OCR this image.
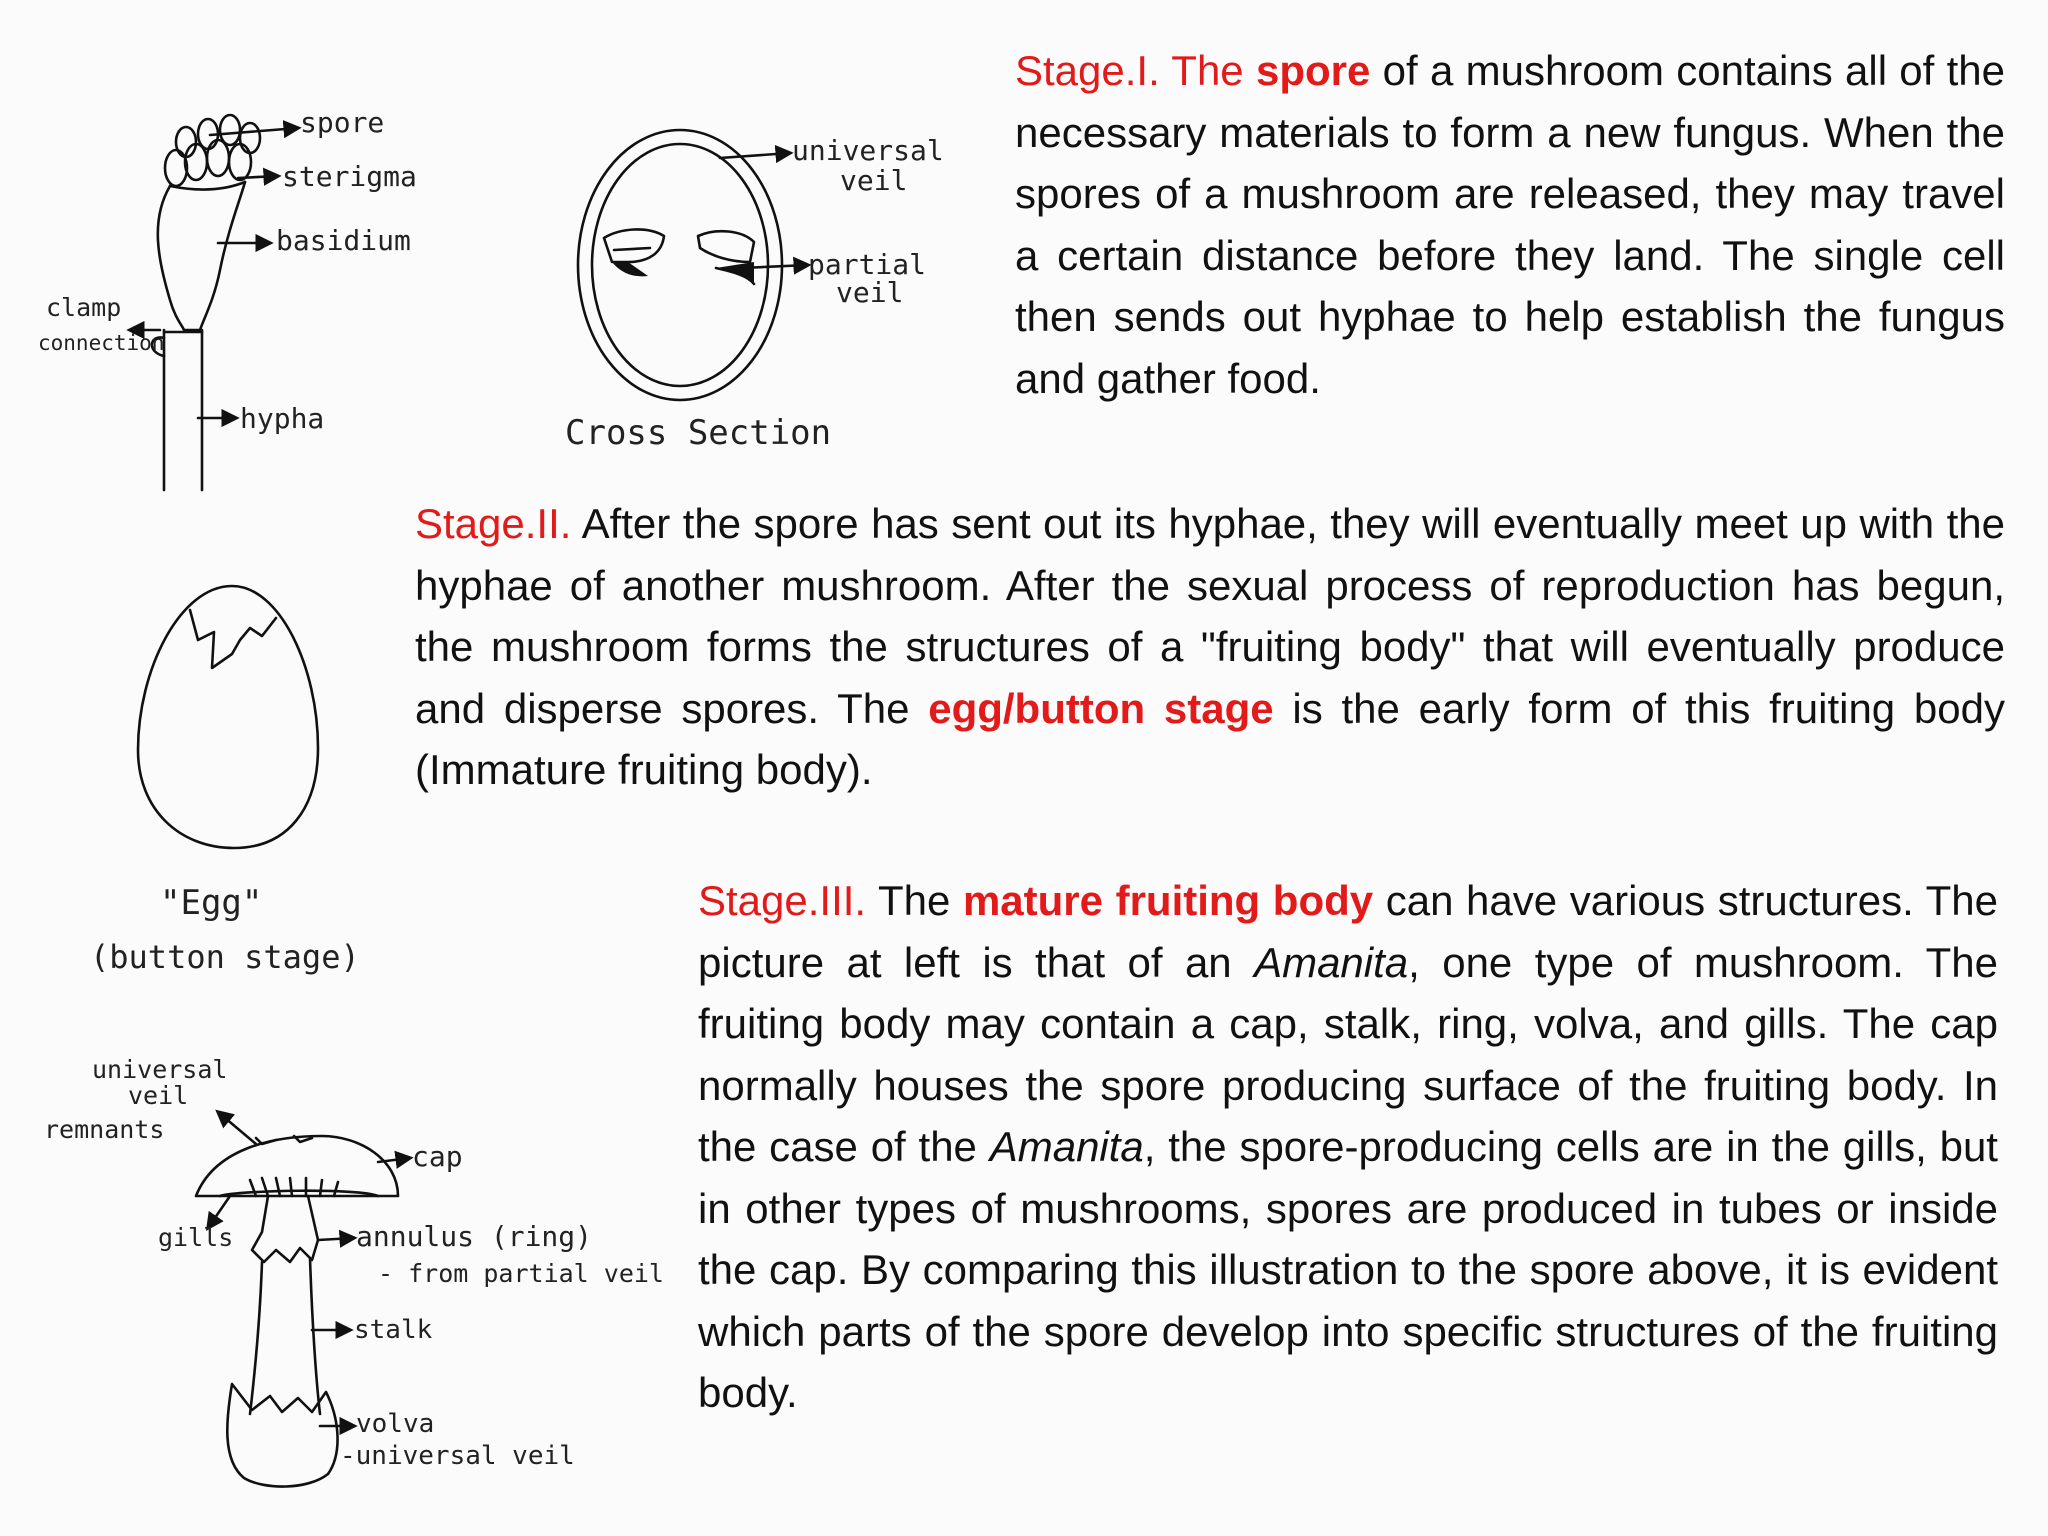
Stage.I. The spore of a mushroom contains all of the necessary materials to form a new fungus. When the spores of a mushroom are released, they may travel a certain distance before they land. The single cell then sends out hyphae to help establish the fungus and gather food.

Stage.II. After the spore has sent out its hyphae, they will eventually meet up with the hyphae of another mushroom. After the sexual process of reproduction has begun, the mushroom forms the structures of a "fruiting body" that will eventually produce and disperse spores. The egg/button stage is the early form of this fruiting body (Immature fruiting body).

Stage.III. The mature fruiting body can have various structures. The picture at left is that of an Amanita, one type of mushroom. The fruiting body may contain a cap, stalk, ring, volva, and gills. The cap normally houses the spore producing surface of the fruiting body. In the case of the Amanita, the spore-producing cells are in the gills, but in other types of mushrooms, spores are produced in tubes or inside the cap. By comparing this illustration to the spore above, it is evident which parts of the spore develop into specific structures of the fruiting body.

spore
sterigma
basidium
clamp
connection
hypha
universal
veil
partial
veil
Cross Section
"Egg"
(button stage)
universal
veil
remnants
cap
gills	annulus (ring)
- from partial veil
stalk
volva
-universal veil
